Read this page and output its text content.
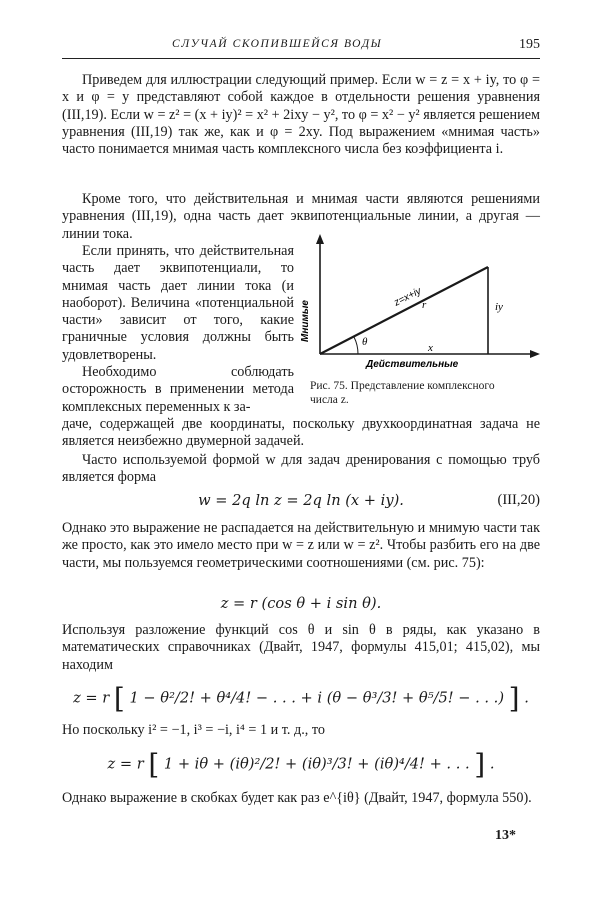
СЛУЧАЙ СКОПИВШЕЙСЯ ВОДЫ	195

Приведем для иллюстрации следующий пример. Если w = z = x + iy, то φ = x и φ = y представляют собой каждое в отдельности решения уравнения (III,19). Если w = z² = (x + iy)² = x² + 2ixy − y², то φ = x² − y² является решением уравнения (III,19) так же, как и φ = 2xy. Под выражением «мнимая часть» часто понимается мнимая часть комплексного числа без коэффициента i.

Кроме того, что действительная и мнимая части являются решениями уравнения (III,19), одна часть дает эквипотенциальные линии, а другая — линии тока.

Если принять, что действительная часть дает эквипотенциали, то мнимая часть дает линии тока (и наоборот). Величина «потенциальной части» зависит от того, какие граничные условия должны быть удовлетворены.

Необходимо соблюдать осторожность в применении метода комплексных переменных к за-

Мнимые
Действительные
z=x+iy
r
θ	x
iy
Рис. 75. Представление комплексного числа z.

даче, содержащей две координаты, поскольку двухкоординатная задача не является неизбежно двумерной задачей.

Часто используемой формой w для задач дренирования с помощью труб является форма

w = 2q ln z = 2q ln (x + iy).	(III,20)

Однако это выражение не распадается на действительную и мнимую части так же просто, как это имело место при w = z или w = z². Чтобы разбить его на две части, мы пользуемся геометрическими соотношениями (см. рис. 75):

z = r (cos θ + i sin θ).

Используя разложение функций cos θ и sin θ в ряды, как указано в математических справочниках (Двайт, 1947, формулы 415,01; 415,02), мы находим

z = r [ 1 − θ²/2! + θ⁴/4! − . . . + i (θ − θ³/3! + θ⁵/5! − . . .) ] .

Но поскольку i² = −1, i³ = −i, i⁴ = 1 и т. д., то

z = r [ 1 + iθ + (iθ)²/2! + (iθ)³/3! + (iθ)⁴/4! + . . . ] .

Однако выражение в скобках будет как раз e^{iθ} (Двайт, 1947, формула 550).

13*
